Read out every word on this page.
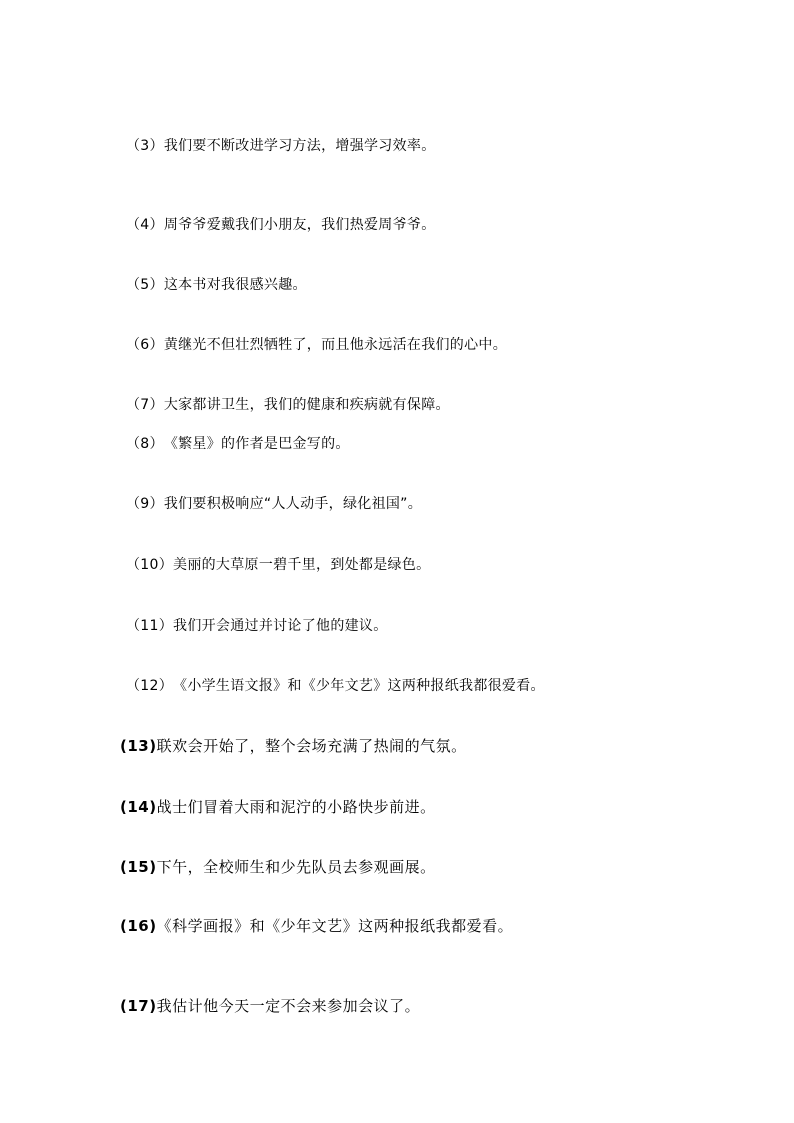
（3）我们要不断改进学习方法，增强学习效率。
（4）周爷爷爱戴我们小朋友，我们热爱周爷爷。
（5）这本书对我很感兴趣。
（6）黄继光不但壮烈牺牲了，而且他永远活在我们的心中。
（7）大家都讲卫生，我们的健康和疾病就有保障。
（8）《繁星》的作者是巴金写的。
（9）我们要积极响应“人人动手，绿化祖国”。
（10）美丽的大草原一碧千里，到处都是绿色。
（11）我们开会通过并讨论了他的建议。
（12）《小学生语文报》和《少年文艺》这两种报纸我都很爱看。
(13)联欢会开始了，整个会场充满了热闹的气氛。
(14)战士们冒着大雨和泥泞的小路快步前进。
(15)下午，全校师生和少先队员去参观画展。
(16)《科学画报》和《少年文艺》这两种报纸我都爱看。
(17)我估计他今天一定不会来参加会议了。
